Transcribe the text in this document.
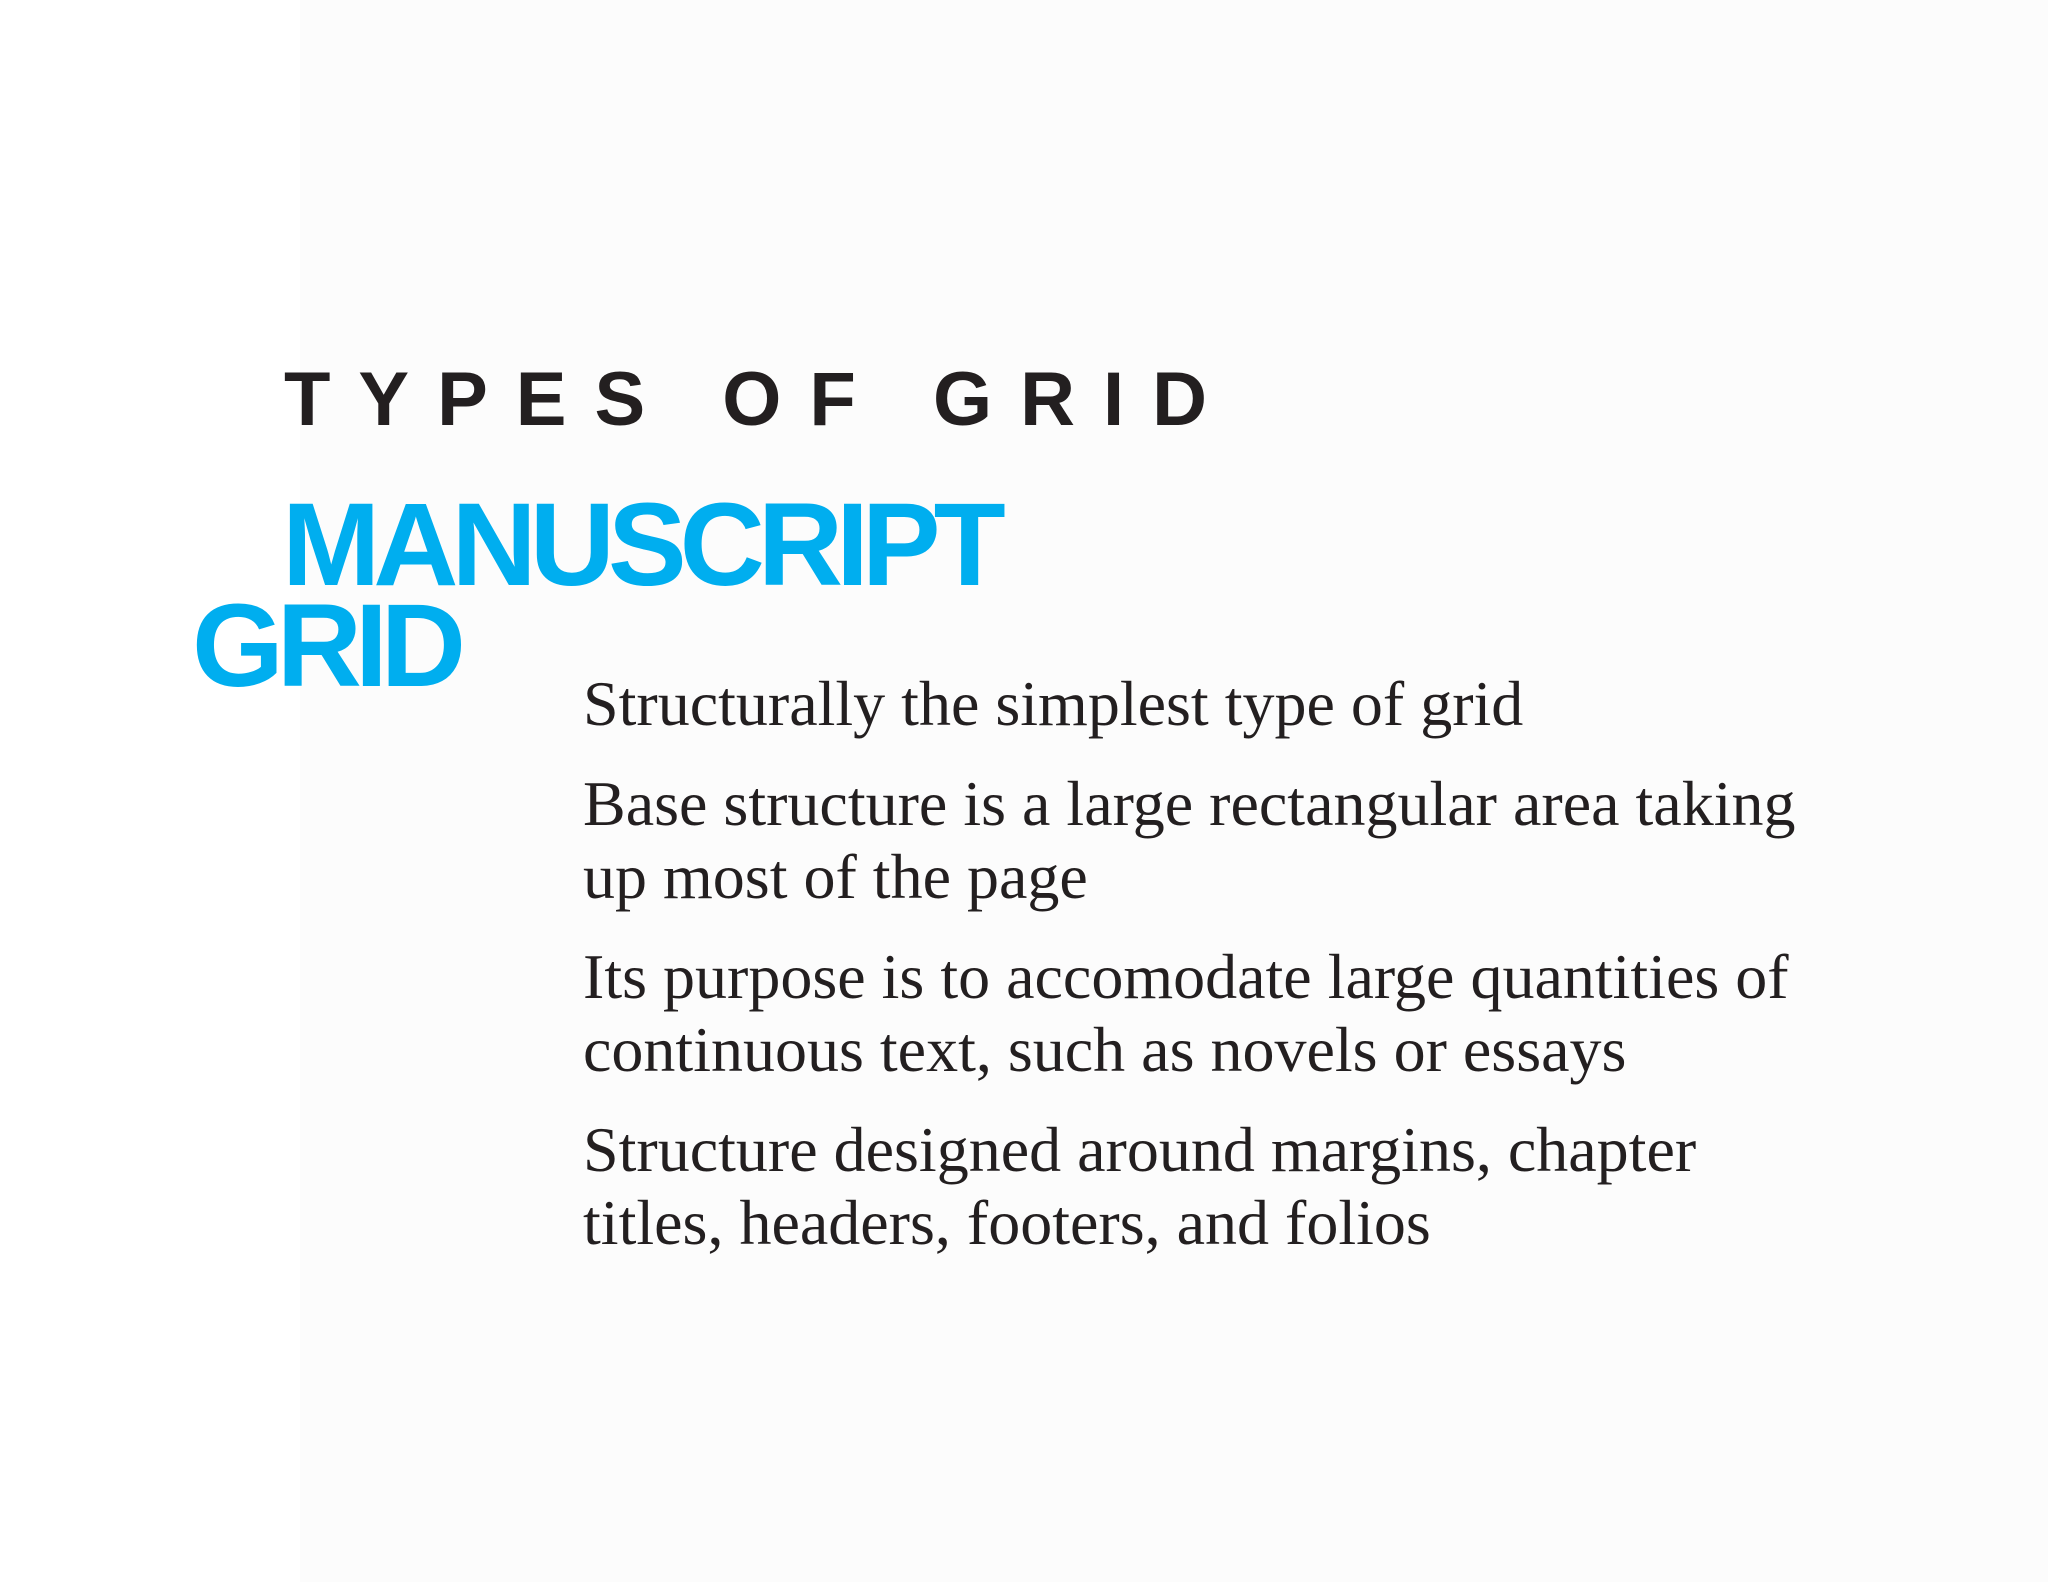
TYPES OF GRID
MANUSCRIPT
GRID Structurally the simplest type of grid
Base structure is a large rectangular area taking up most of the page
Its purpose is to accomodate large quantities of continuous text, such as novels or essays
Structure designed around margins, chapter titles, headers, footers, and folios
